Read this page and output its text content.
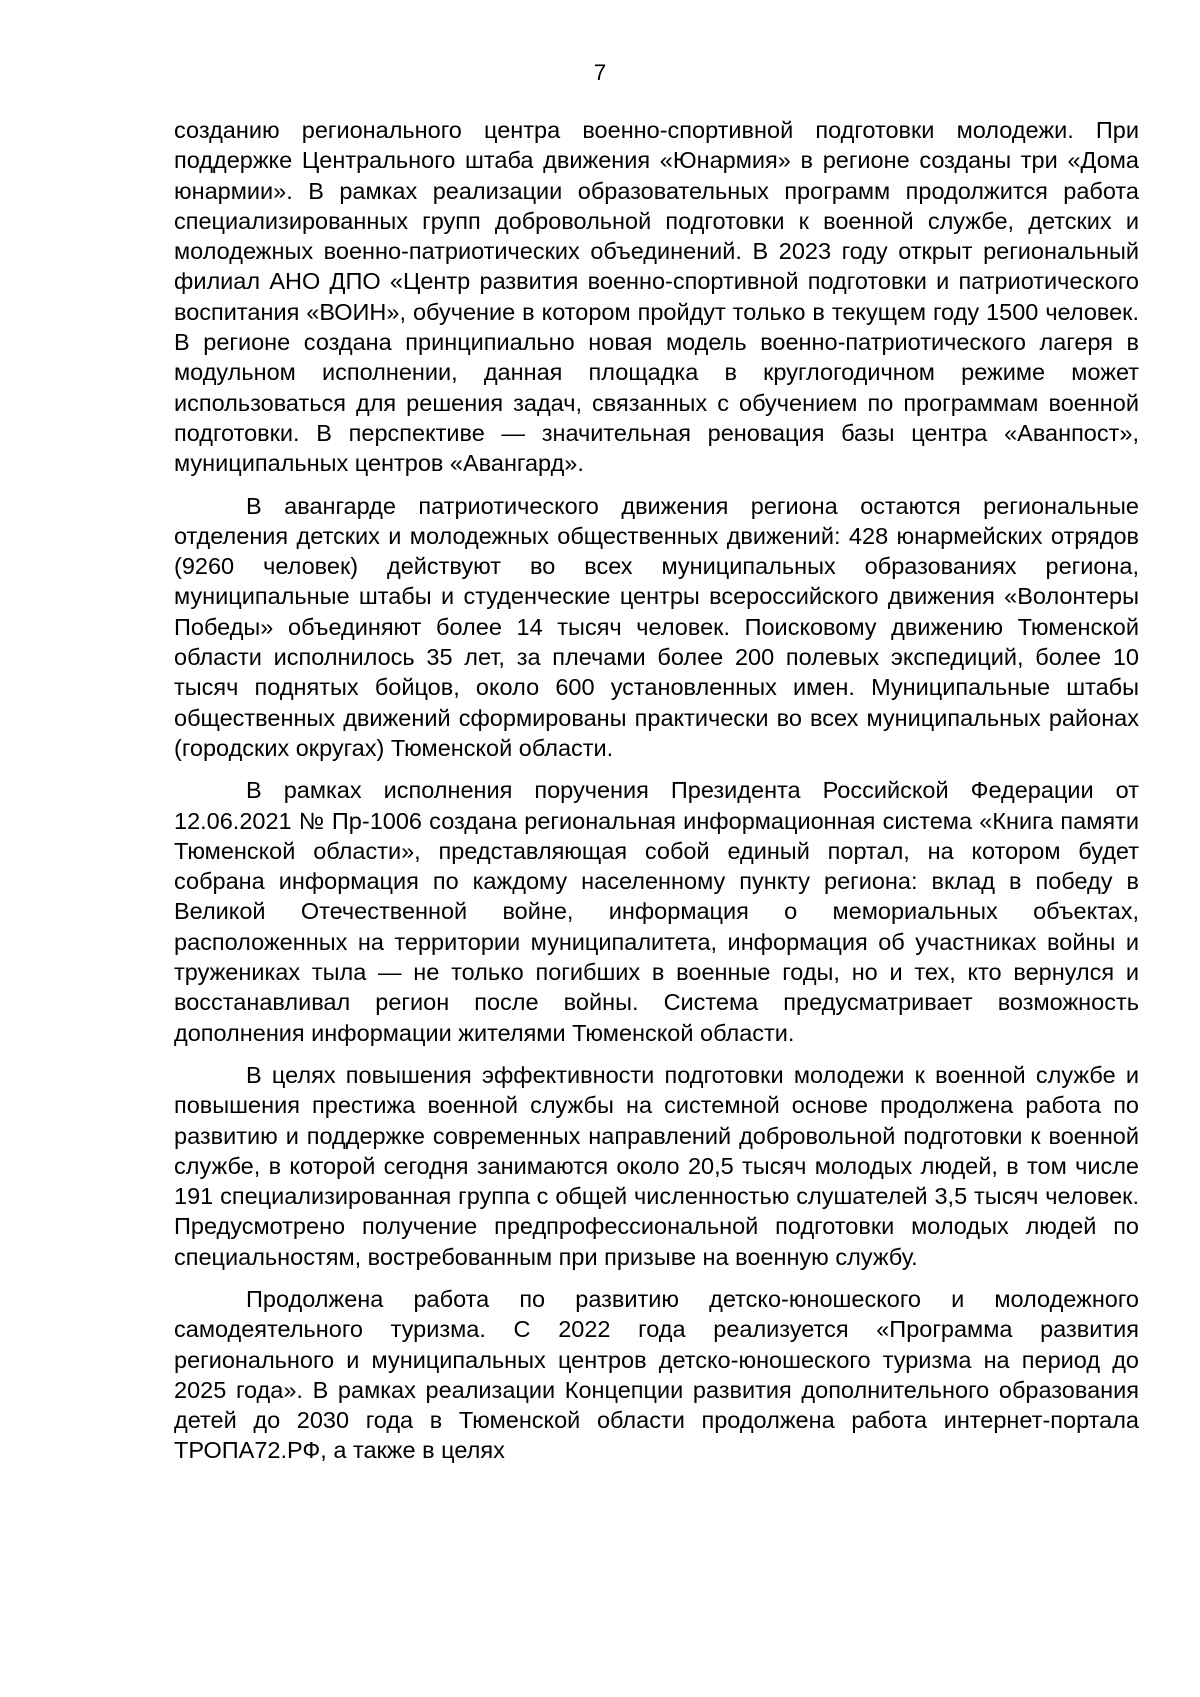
7

созданию регионального центра военно-спортивной подготовки молодежи. При поддержке Центрального штаба движения «Юнармия» в регионе созданы три «Дома юнармии». В рамках реализации образовательных программ продолжится работа специализированных групп добровольной подготовки к военной службе, детских и молодежных военно-патриотических объединений. В 2023 году открыт региональный филиал АНО ДПО «Центр развития военно-спортивной подготовки и патриотического воспитания «ВОИН», обучение в котором пройдут только в текущем году 1500 человек. В регионе создана принципиально новая модель военно-патриотического лагеря в модульном исполнении, данная площадка в круглогодичном режиме может использоваться для решения задач, связанных с обучением по программам военной подготовки. В перспективе — значительная реновация базы центра «Аванпост», муниципальных центров «Авангард».

В авангарде патриотического движения региона остаются региональные отделения детских и молодежных общественных движений: 428 юнармейских отрядов (9260 человек) действуют во всех муниципальных образованиях региона, муниципальные штабы и студенческие центры всероссийского движения «Волонтеры Победы» объединяют более 14 тысяч человек. Поисковому движению Тюменской области исполнилось 35 лет, за плечами более 200 полевых экспедиций, более 10 тысяч поднятых бойцов, около 600 установленных имен. Муниципальные штабы общественных движений сформированы практически во всех муниципальных районах (городских округах) Тюменской области.

В рамках исполнения поручения Президента Российской Федерации от 12.06.2021 № Пр-1006 создана региональная информационная система «Книга памяти Тюменской области», представляющая собой единый портал, на котором будет собрана информация по каждому населенному пункту региона: вклад в победу в Великой Отечественной войне, информация о мемориальных объектах, расположенных на территории муниципалитета, информация об участниках войны и тружениках тыла — не только погибших в военные годы, но и тех, кто вернулся и восстанавливал регион после войны. Система предусматривает возможность дополнения информации жителями Тюменской области.

В целях повышения эффективности подготовки молодежи к военной службе и повышения престижа военной службы на системной основе продолжена работа по развитию и поддержке современных направлений добровольной подготовки к военной службе, в которой сегодня занимаются около 20,5 тысяч молодых людей, в том числе 191 специализированная группа с общей численностью слушателей 3,5 тысяч человек. Предусмотрено получение предпрофессиональной подготовки молодых людей по специальностям, востребованным при призыве на военную службу.

Продолжена работа по развитию детско-юношеского и молодежного самодеятельного туризма. С 2022 года реализуется «Программа развития регионального и муниципальных центров детско-юношеского туризма на период до 2025 года». В рамках реализации Концепции развития дополнительного образования детей до 2030 года в Тюменской области продолжена работа интернет-портала ТРОПА72.РФ, а также в целях
